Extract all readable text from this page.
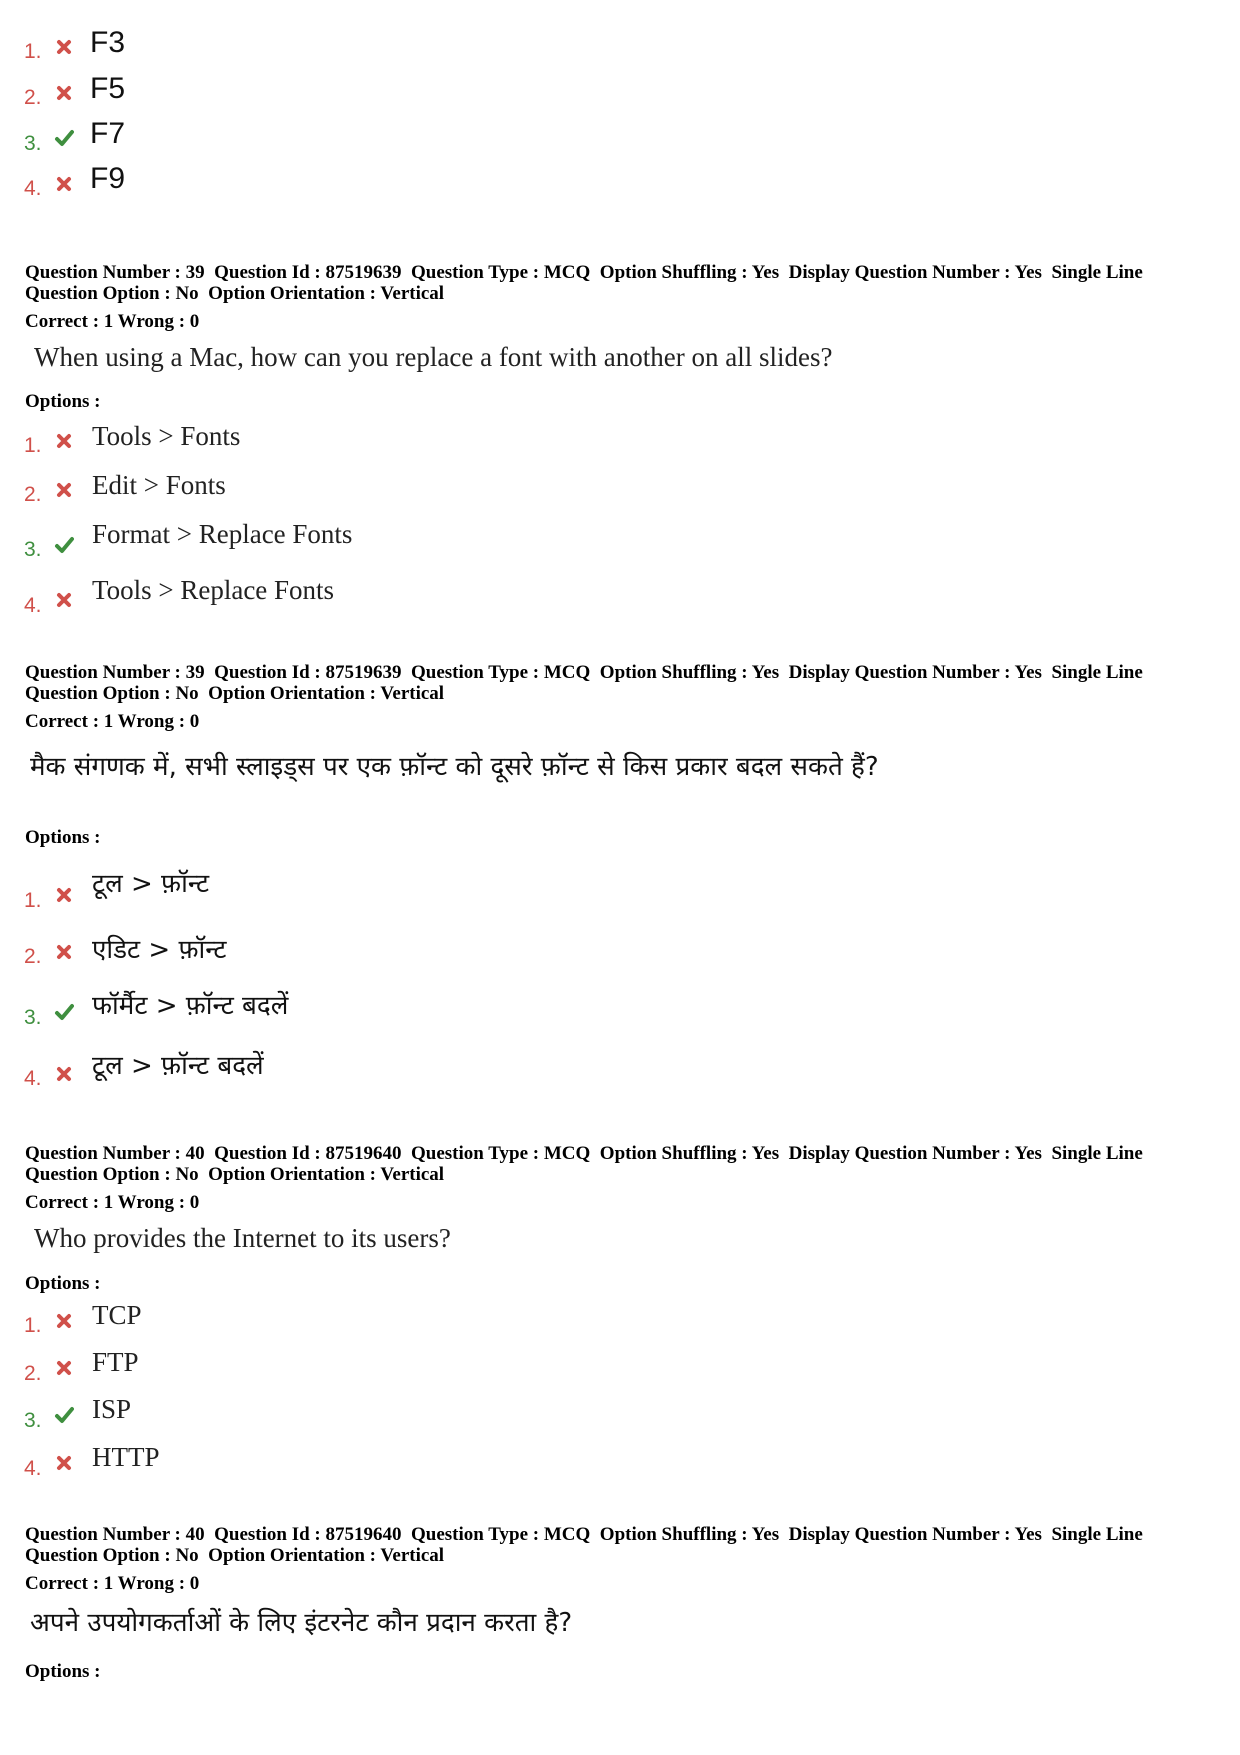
1. F3
2. F5
3. F7
4. F9
Question Number : 39  Question Id : 87519639  Question Type : MCQ  Option Shuffling : Yes  Display Question Number : Yes  Single Line Question Option : No  Option Orientation : Vertical
Correct : 1 Wrong : 0
When using a Mac, how can you replace a font with another on all slides?
Options :
1. Tools > Fonts
2. Edit > Fonts
3.
Format > Replace Fonts
4.
Tools > Replace Fonts
Question Number : 39  Question Id : 87519639  Question Type : MCQ  Option Shuffling : Yes  Display Question Number : Yes  Single Line Question Option : No  Option Orientation : Vertical
Correct : 1 Wrong : 0
मैक संगणक में, सभी स्लाइड्स पर एक फ़ॉन्ट को दूसरे फ़ॉन्ट से किस प्रकार बदल सकते हैं?
Options :
1.
टूल > फ़ॉन्ट
2. एडिट > फ़ॉन्ट
3. फॉर्मैट > फ़ॉन्ट बदलें
4. टूल > फ़ॉन्ट बदलें
Question Number : 40  Question Id : 87519640  Question Type : MCQ  Option Shuffling : Yes  Display Question Number : Yes  Single Line Question Option : No  Option Orientation : Vertical
Correct : 1 Wrong : 0
Who provides the Internet to its users?
Options :
1. TCP
2. FTP
3. ISP
4. HTTP
Question Number : 40  Question Id : 87519640  Question Type : MCQ  Option Shuffling : Yes  Display Question Number : Yes  Single Line Question Option : No  Option Orientation : Vertical
Correct : 1 Wrong : 0
अपने उपयोगकर्ताओं के लिए इंटरनेट कौन प्रदान करता है?
Options :
